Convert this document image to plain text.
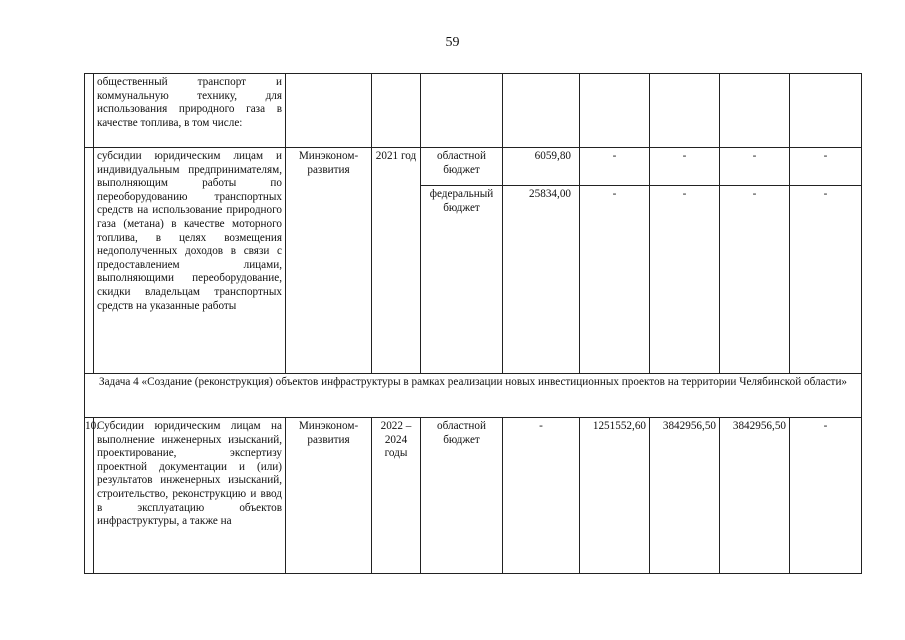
59
	общественный транспорт и коммунальную технику, для использования природного газа в качестве топлива, в том числе:								
	субсидии юридическим лицам и индивидуальным предпринимателям, выполняющим работы по переоборудованию транспортных средств на использование природного газа (метана) в качестве моторного топлива, в целях возмещения недополученных доходов в связи с предоставлением лицами, выполняющими переоборудование, скидки владельцам транспортных средств на указанные работы	Минэконом-развития	2021 год	областной бюджет	6059,80	-	-	-	-
				федеральный бюджет	25834,00	-	-	-	-
Задача 4 «Создание (реконструкция) объектов инфраструктуры в рамках реализации новых инвестиционных проектов на территории Челябинской области»									
10.	Субсидии юридическим лицам на выполнение инженерных изысканий, проектирование, экспертизу проектной документации и (или) результатов инженерных изысканий, строительство, реконструкцию и ввод в эксплуатацию объектов инфраструктуры, а также на	Минэконом-развития	2022 – 2024 годы	областной бюджет	-	1251552,60	3842956,50	3842956,50	-
